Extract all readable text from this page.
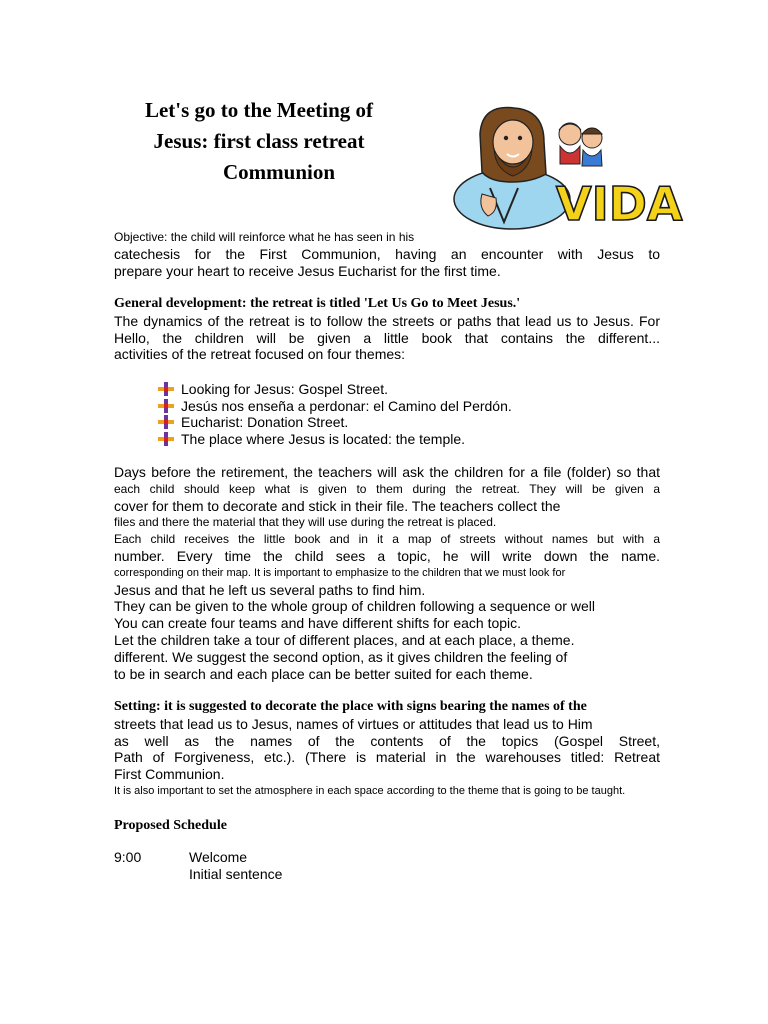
Let's go to the Meeting of
Jesus: first class retreat
Communion
VIDA
Objective: the child will reinforce what he has seen in his
catechesis for the First Communion, having an encounter with Jesus to
prepare your heart to receive Jesus Eucharist for the first time.
General development: the retreat is titled 'Let Us Go to Meet Jesus.'
The dynamics of the retreat is to follow the streets or paths that lead us to Jesus. For
Hello, the children will be given a little book that contains the different...
activities of the retreat focused on four themes:
Looking for Jesus: Gospel Street.
Jesús nos enseña a perdonar: el Camino del Perdón.
Eucharist: Donation Street.
The place where Jesus is located: the temple.
Days before the retirement, the teachers will ask the children for a file (folder) so that
each child should keep what is given to them during the retreat. They will be given a
cover for them to decorate and stick in their file. The teachers collect the
files and there the material that they will use during the retreat is placed.
Each child receives the little book and in it a map of streets without names but with a
number. Every time the child sees a topic, he will write down the name.
corresponding on their map. It is important to emphasize to the children that we must look for
Jesus and that he left us several paths to find him.
They can be given to the whole group of children following a sequence or well
You can create four teams and have different shifts for each topic.
Let the children take a tour of different places, and at each place, a theme.
different. We suggest the second option, as it gives children the feeling of
to be in search and each place can be better suited for each theme.
Setting: it is suggested to decorate the place with signs bearing the names of the
streets that lead us to Jesus, names of virtues or attitudes that lead us to Him
as well as the names of the contents of the topics (Gospel Street,
Path of Forgiveness, etc.). (There is material in the warehouses titled: Retreat
First Communion.
It is also important to set the atmosphere in each space according to the theme that is going to be taught.
Proposed Schedule
9:00	Welcome
Initial sentence
